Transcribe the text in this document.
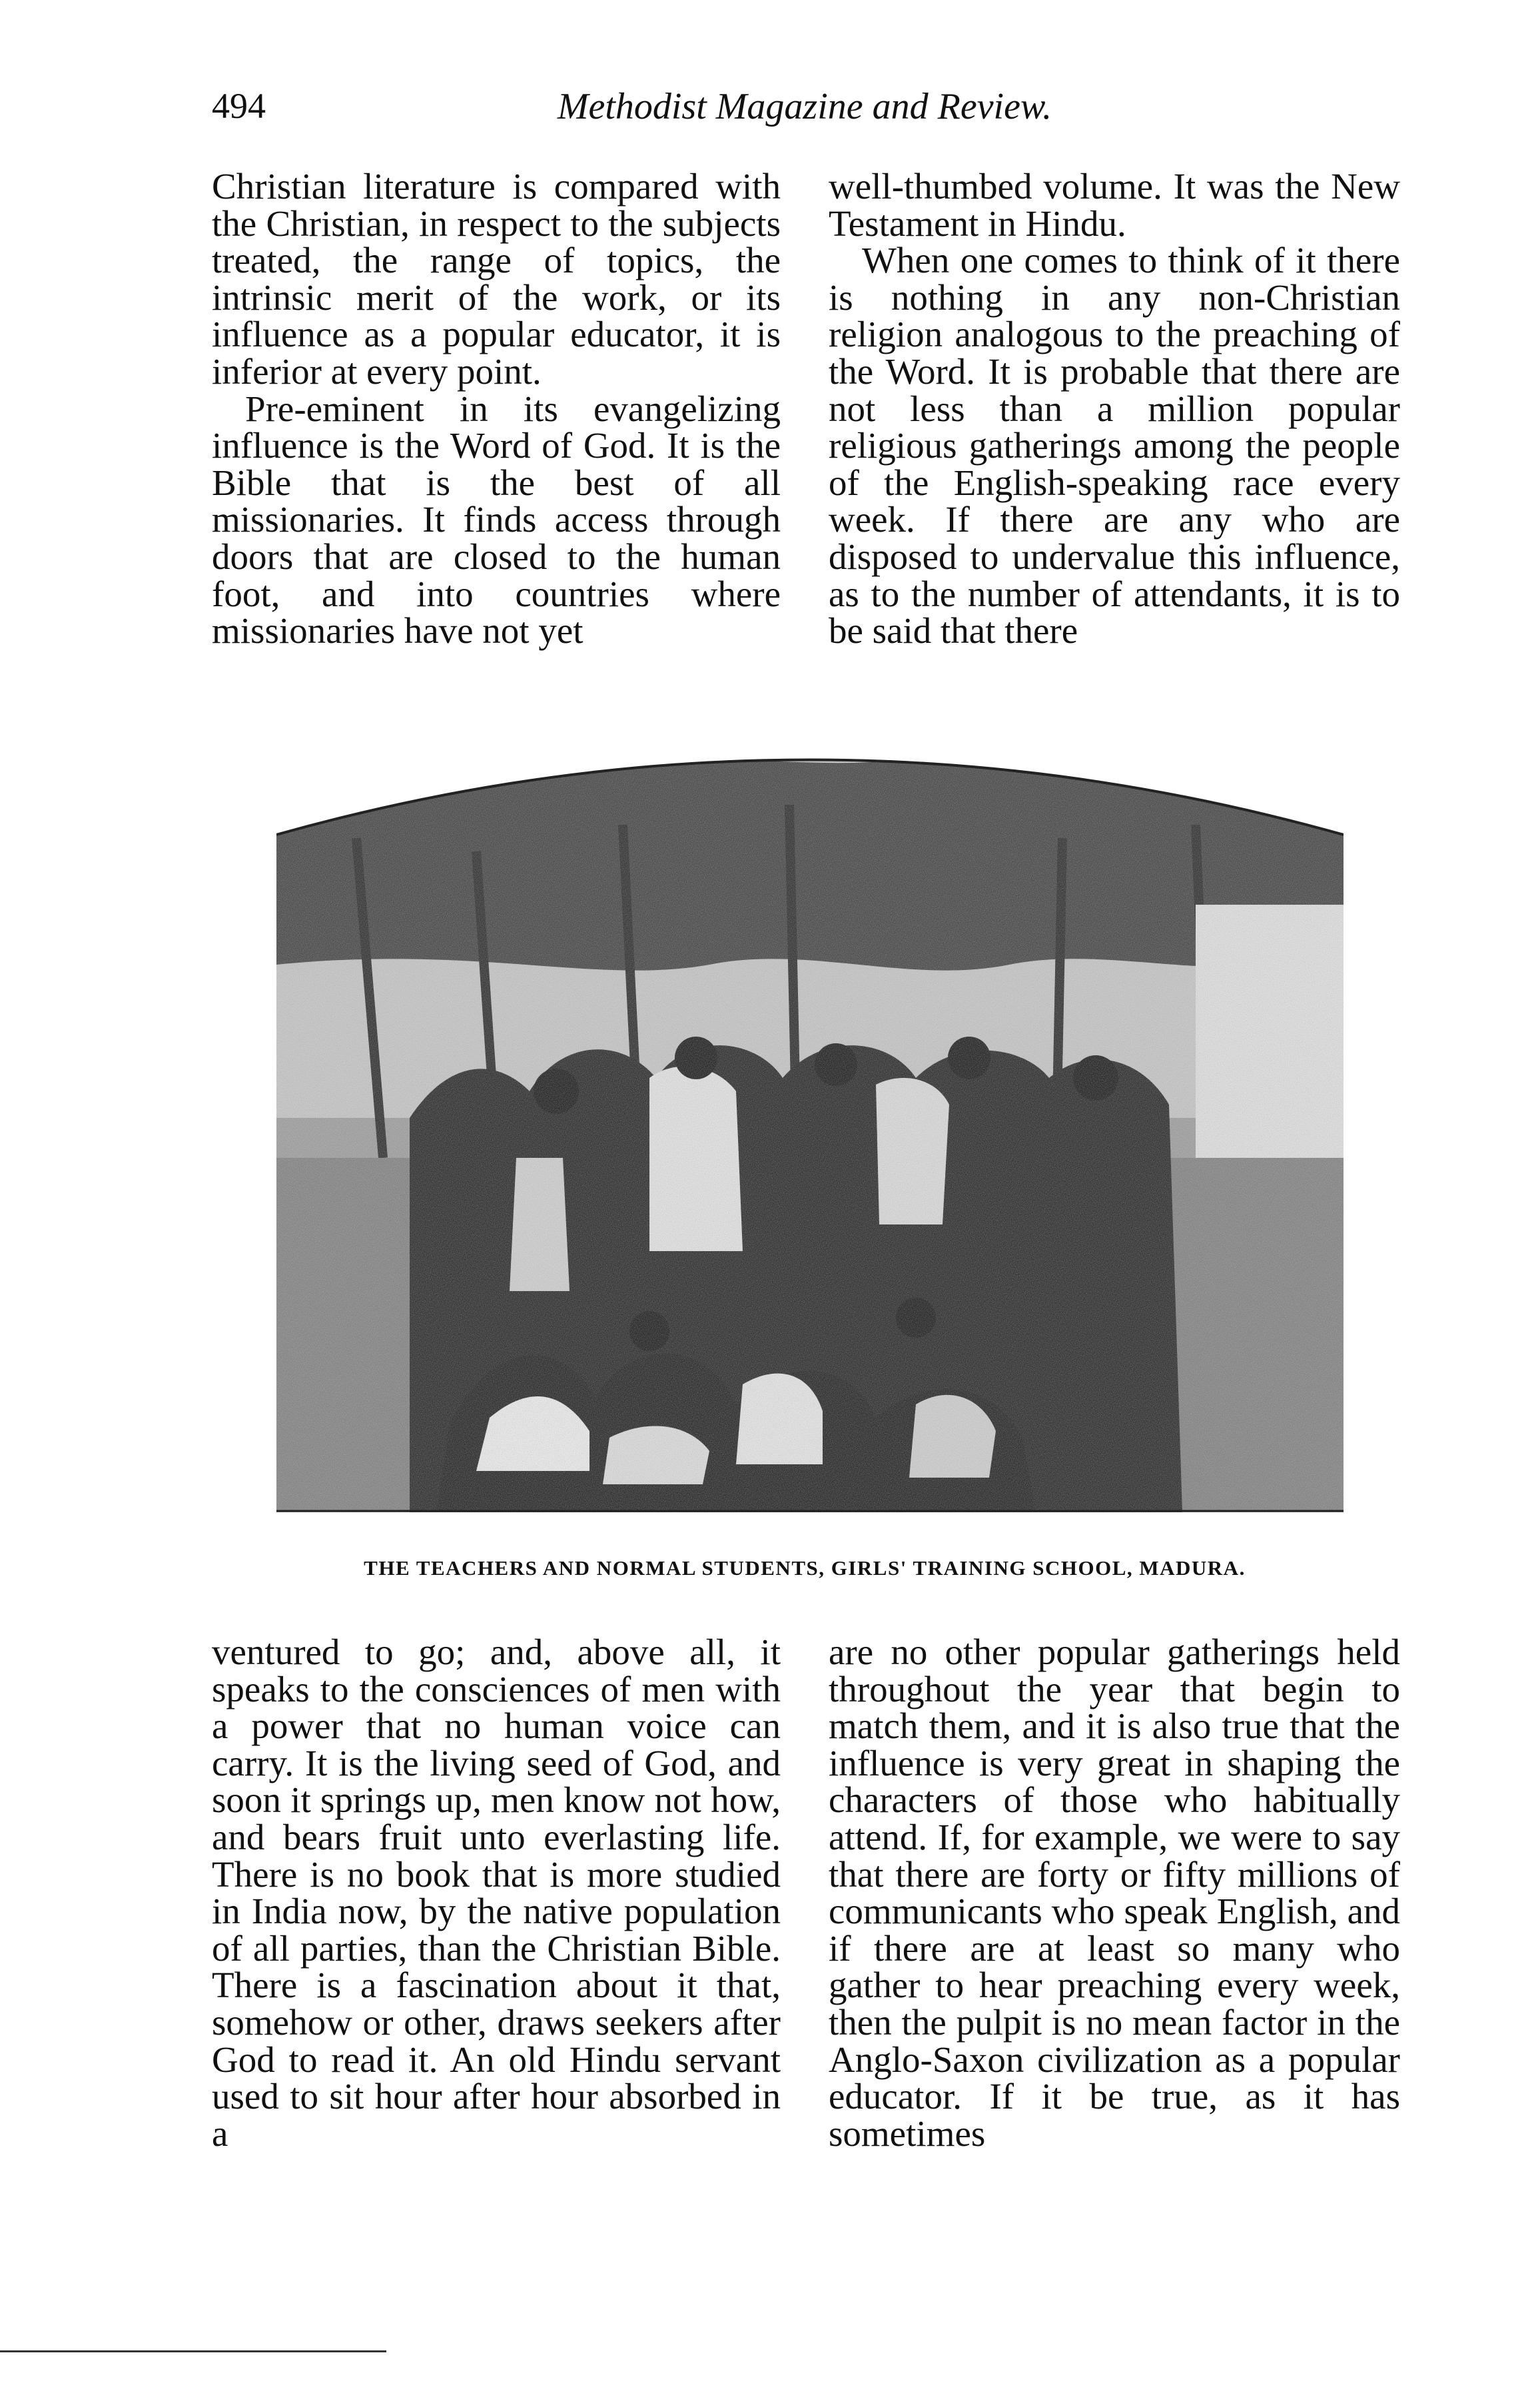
494	Methodist Magazine and Review.

Christian literature is compared with the Christian, in respect to the subjects treated, the range of topics, the intrinsic merit of the work, or its influence as a popular educator, it is inferior at every point.

Pre-eminent in its evangelizing influence is the Word of God. It is the Bible that is the best of all missionaries. It finds access through doors that are closed to the human foot, and into countries where missionaries have not yet

well-thumbed volume. It was the New Testament in Hindu.

When one comes to think of it there is nothing in any non-Christian religion analogous to the preaching of the Word. It is probable that there are not less than a million popular religious gatherings among the people of the English-speaking race every week. If there are any who are disposed to undervalue this influence, as to the number of attendants, it is to be said that there

THE TEACHERS AND NORMAL STUDENTS, GIRLS' TRAINING SCHOOL, MADURA.

ventured to go; and, above all, it speaks to the consciences of men with a power that no human voice can carry. It is the living seed of God, and soon it springs up, men know not how, and bears fruit unto everlasting life. There is no book that is more studied in India now, by the native population of all parties, than the Christian Bible. There is a fascination about it that, somehow or other, draws seekers after God to read it. An old Hindu servant used to sit hour after hour absorbed in a

are no other popular gatherings held throughout the year that begin to match them, and it is also true that the influence is very great in shaping the characters of those who habitually attend. If, for example, we were to say that there are forty or fifty millions of communicants who speak English, and if there are at least so many who gather to hear preaching every week, then the pulpit is no mean factor in the Anglo-Saxon civilization as a popular educator. If it be true, as it has sometimes
